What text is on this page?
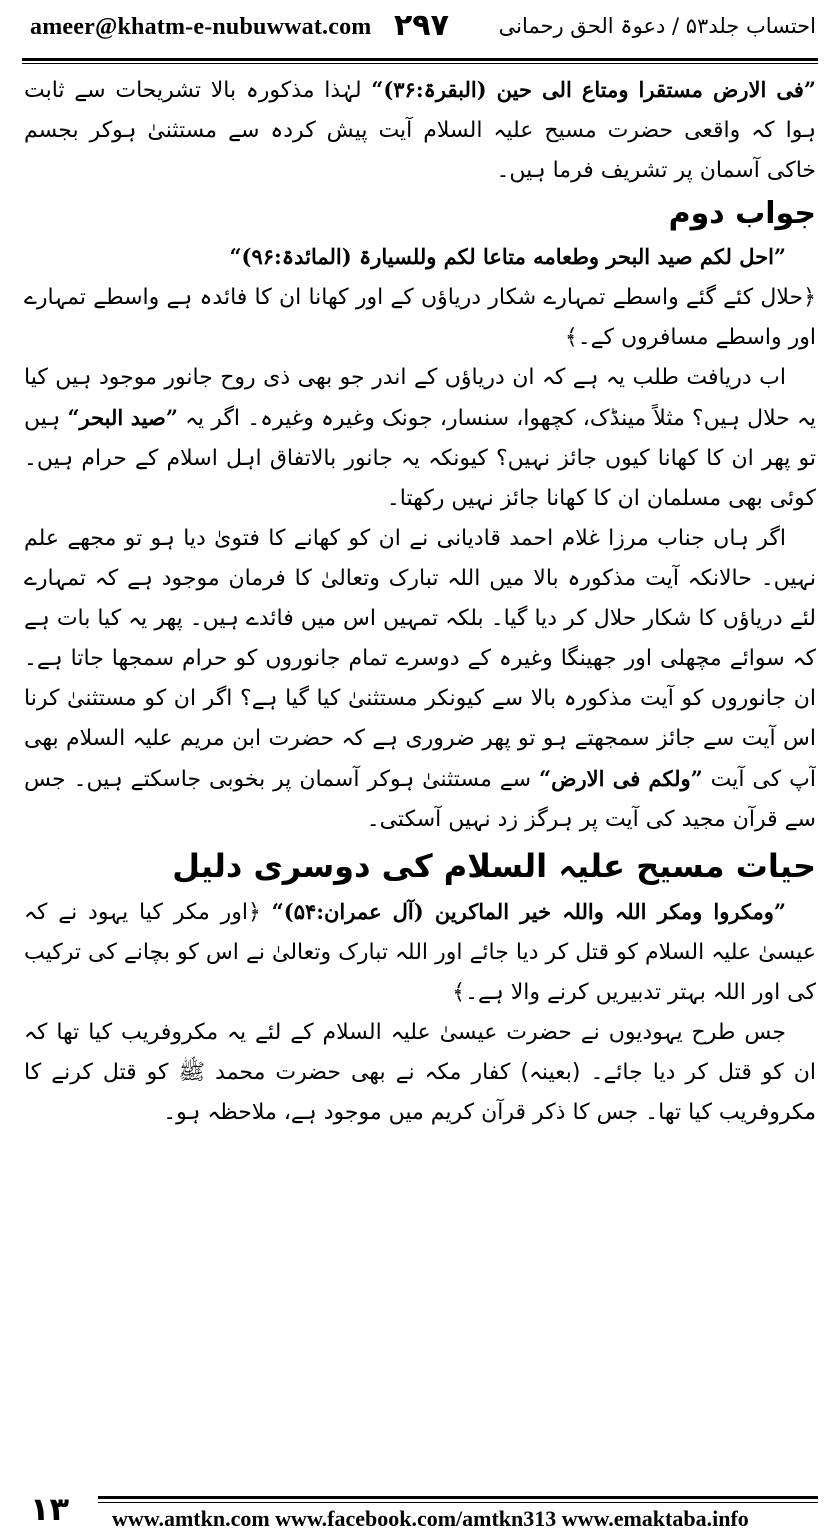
ameer@khatm-e-nubuwwat.com ۲۹۷ احتساب جلد۵۳ / دعوۃ الحق رحمانی

”فی الارض مستقرا ومتاع الی حین (البقرۃ:۳۶)“ لہٰذا مذکورہ بالا تشریحات سے ثابت ہوا کہ واقعی حضرت مسیح علیہ السلام آیت پیش کردہ سے مستثنیٰ ہوکر بجسم خاکی آسمان پر تشریف فرما ہیں۔

جواب دوم

”احل لکم صید البحر وطعامه متاعا لکم وللسیارۃ (المائدۃ:۹۶)“

﴿حلال کئے گئے واسطے تمہارے شکار دریاؤں کے اور کھانا ان کا فائدہ ہے واسطے تمہارے اور واسطے مسافروں کے۔﴾

اب دریافت طلب یہ ہے کہ ان دریاؤں کے اندر جو بھی ذی روح جانور موجود ہیں کیا یہ حلال ہیں؟ مثلاً مینڈک، کچھوا، سنسار، جونک وغیرہ وغیرہ۔ اگر یہ ”صید البحر“ ہیں تو پھر ان کا کھانا کیوں جائز نہیں؟ کیونکہ یہ جانور بالاتفاق اہل اسلام کے حرام ہیں۔ کوئی بھی مسلمان ان کا کھانا جائز نہیں رکھتا۔

اگر ہاں جناب مرزا غلام احمد قادیانی نے ان کو کھانے کا فتویٰ دیا ہو تو مجھے علم نہیں۔ حالانکہ آیت مذکورہ بالا میں اللہ تبارک وتعالیٰ کا فرمان موجود ہے کہ تمہارے لئے دریاؤں کا شکار حلال کر دیا گیا۔ بلکہ تمہیں اس میں فائدے ہیں۔ پھر یہ کیا بات ہے کہ سوائے مچھلی اور جھینگا وغیرہ کے دوسرے تمام جانوروں کو حرام سمجھا جاتا ہے۔ ان جانوروں کو آیت مذکورہ بالا سے کیونکر مستثنیٰ کیا گیا ہے؟ اگر ان کو مستثنیٰ کرنا اس آیت سے جائز سمجھتے ہو تو پھر ضروری ہے کہ حضرت ابن مریم علیہ السلام بھی آپ کی آیت ”ولکم فی الارض“ سے مستثنیٰ ہوکر آسمان پر بخوبی جاسکتے ہیں۔ جس سے قرآن مجید کی آیت پر ہرگز زد نہیں آسکتی۔

حیات مسیح علیہ السلام کی دوسری دلیل

”ومکروا ومکر اللہ واللہ خیر الماکرین (آل عمران:۵۴)“ ﴿اور مکر کیا یہود نے کہ عیسیٰ علیہ السلام کو قتل کر دیا جائے اور اللہ تبارک وتعالیٰ نے اس کو بچانے کی ترکیب کی اور اللہ بہتر تدبیریں کرنے والا ہے۔﴾

جس طرح یہودیوں نے حضرت عیسیٰ علیہ السلام کے لئے یہ مکروفریب کیا تھا کہ ان کو قتل کر دیا جائے۔ (بعینہ) کفار مکہ نے بھی حضرت محمد ﷺ کو قتل کرنے کا مکروفریب کیا تھا۔ جس کا ذکر قرآن کریم میں موجود ہے، ملاحظہ ہو۔

۱۳ www.amtkn.com www.facebook.com/amtkn313 www.emaktaba.info
